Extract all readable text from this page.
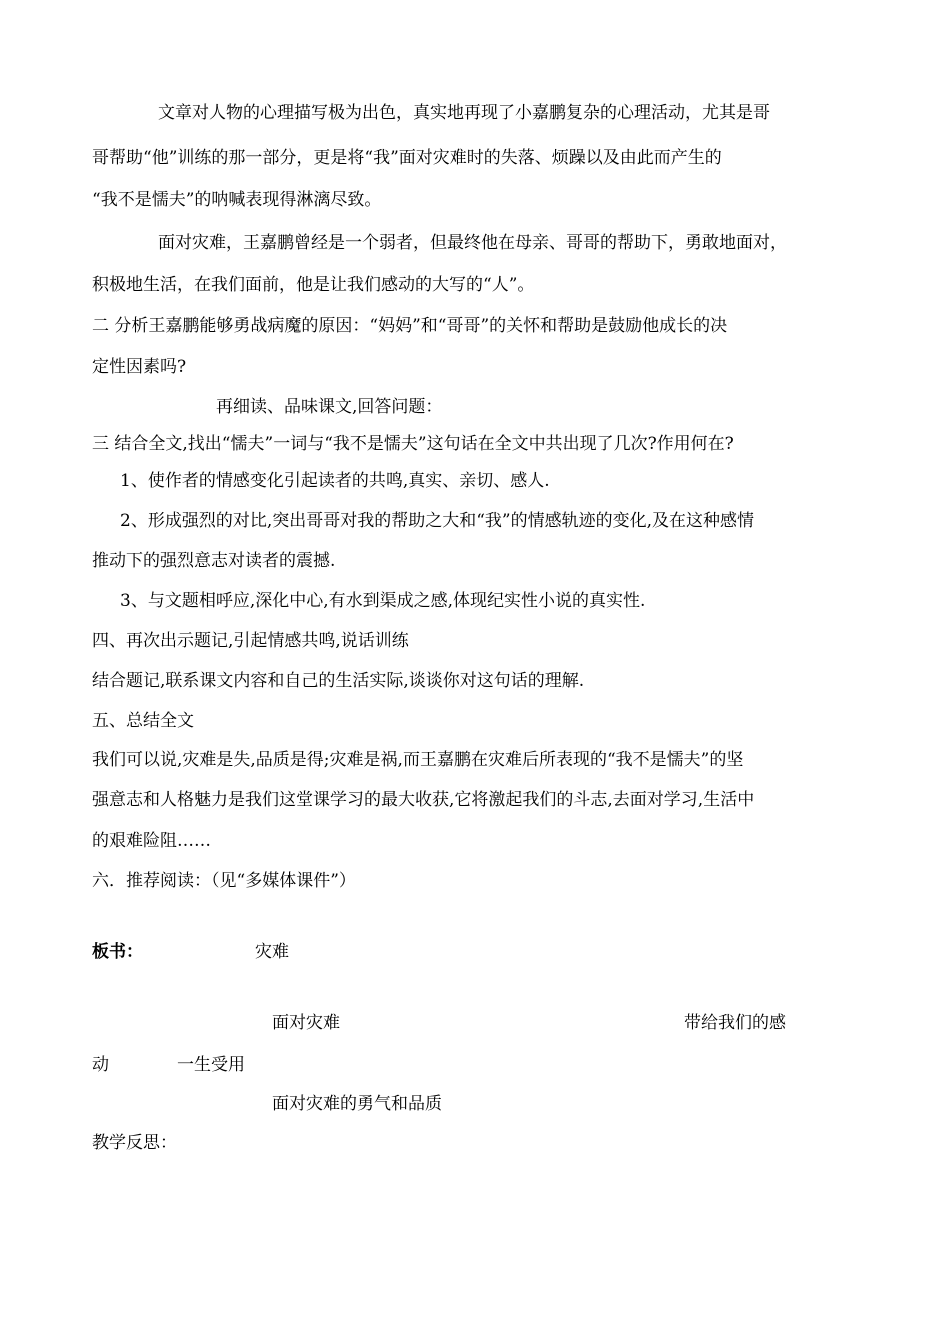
文章对人物的心理描写极为出色，真实地再现了小嘉鹏复杂的心理活动，尤其是哥
哥帮助“他”训练的那一部分，更是将“我”面对灾难时的失落、烦躁以及由此而产生的
“我不是懦夫”的呐喊表现得淋漓尽致。
面对灾难，王嘉鹏曾经是一个弱者，但最终他在母亲、哥哥的帮助下，勇敢地面对，
积极地生活，在我们面前，他是让我们感动的大写的“人”。
二 分析王嘉鹏能够勇战病魔的原因：“妈妈”和“哥哥”的关怀和帮助是鼓励他成长的决
定性因素吗?
再细读、品味课文,回答问题：
三 结合全文,找出“懦夫”一词与“我不是懦夫”这句话在全文中共出现了几次?作用何在?
1、使作者的情感变化引起读者的共鸣,真实、亲切、感人.
2、形成强烈的对比,突出哥哥对我的帮助之大和“我”的情感轨迹的变化,及在这种感情
推动下的强烈意志对读者的震撼.
3、与文题相呼应,深化中心,有水到渠成之感,体现纪实性小说的真实性.
四、再次出示题记,引起情感共鸣,说话训练
结合题记,联系课文内容和自己的生活实际,谈谈你对这句话的理解.
五、总结全文
我们可以说,灾难是失,品质是得;灾难是祸,而王嘉鹏在灾难后所表现的“我不是懦夫”的坚
强意志和人格魅力是我们这堂课学习的最大收获,它将激起我们的斗志,去面对学习,生活中
的艰难险阻……
六．推荐阅读：（见“多媒体课件”）
板书：	灾难
面对灾难	带给我们的感
动	一生受用
面对灾难的勇气和品质
教学反思：
